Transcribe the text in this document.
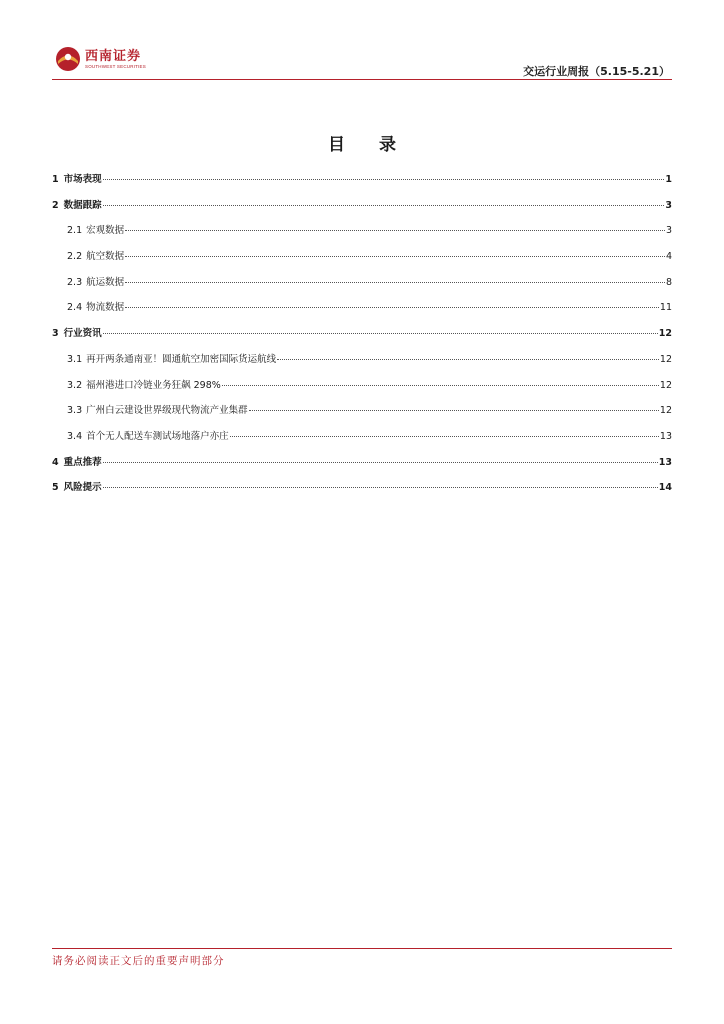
西南证券
SOUTHWEST SECURITIES	交运行业周报（5.15-5.21）
目 录
1 市场表现	1
2 数据跟踪	3
2.1 宏观数据	3
2.2 航空数据	4
2.3 航运数据	8
2.4 物流数据	11
3 行业资讯	12
3.1 再开两条通南亚！圆通航空加密国际货运航线	12
3.2 福州港进口冷链业务狂飙 298%	12
3.3 广州白云建设世界级现代物流产业集群	12
3.4 首个无人配送车测试场地落户亦庄	13
4 重点推荐	13
5 风险提示	14
请务必阅读正文后的重要声明部分
